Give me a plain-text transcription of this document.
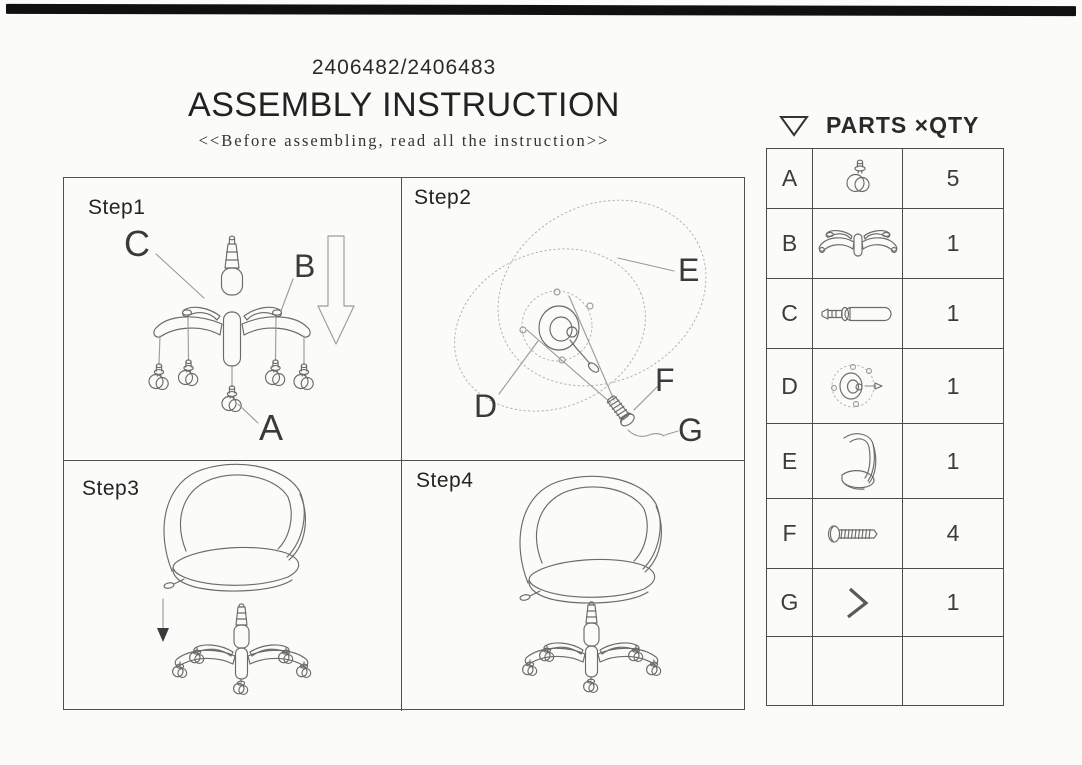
2406482/2406483
ASSEMBLY INSTRUCTION
<<Before assembling, read all the instruction>>
Step1
C
B
A
Step2
E
D
F
G
Step3	Step4
PARTS ×QTY
A	5
B	1
C	1
D	1
E	1
F	4
G	1
